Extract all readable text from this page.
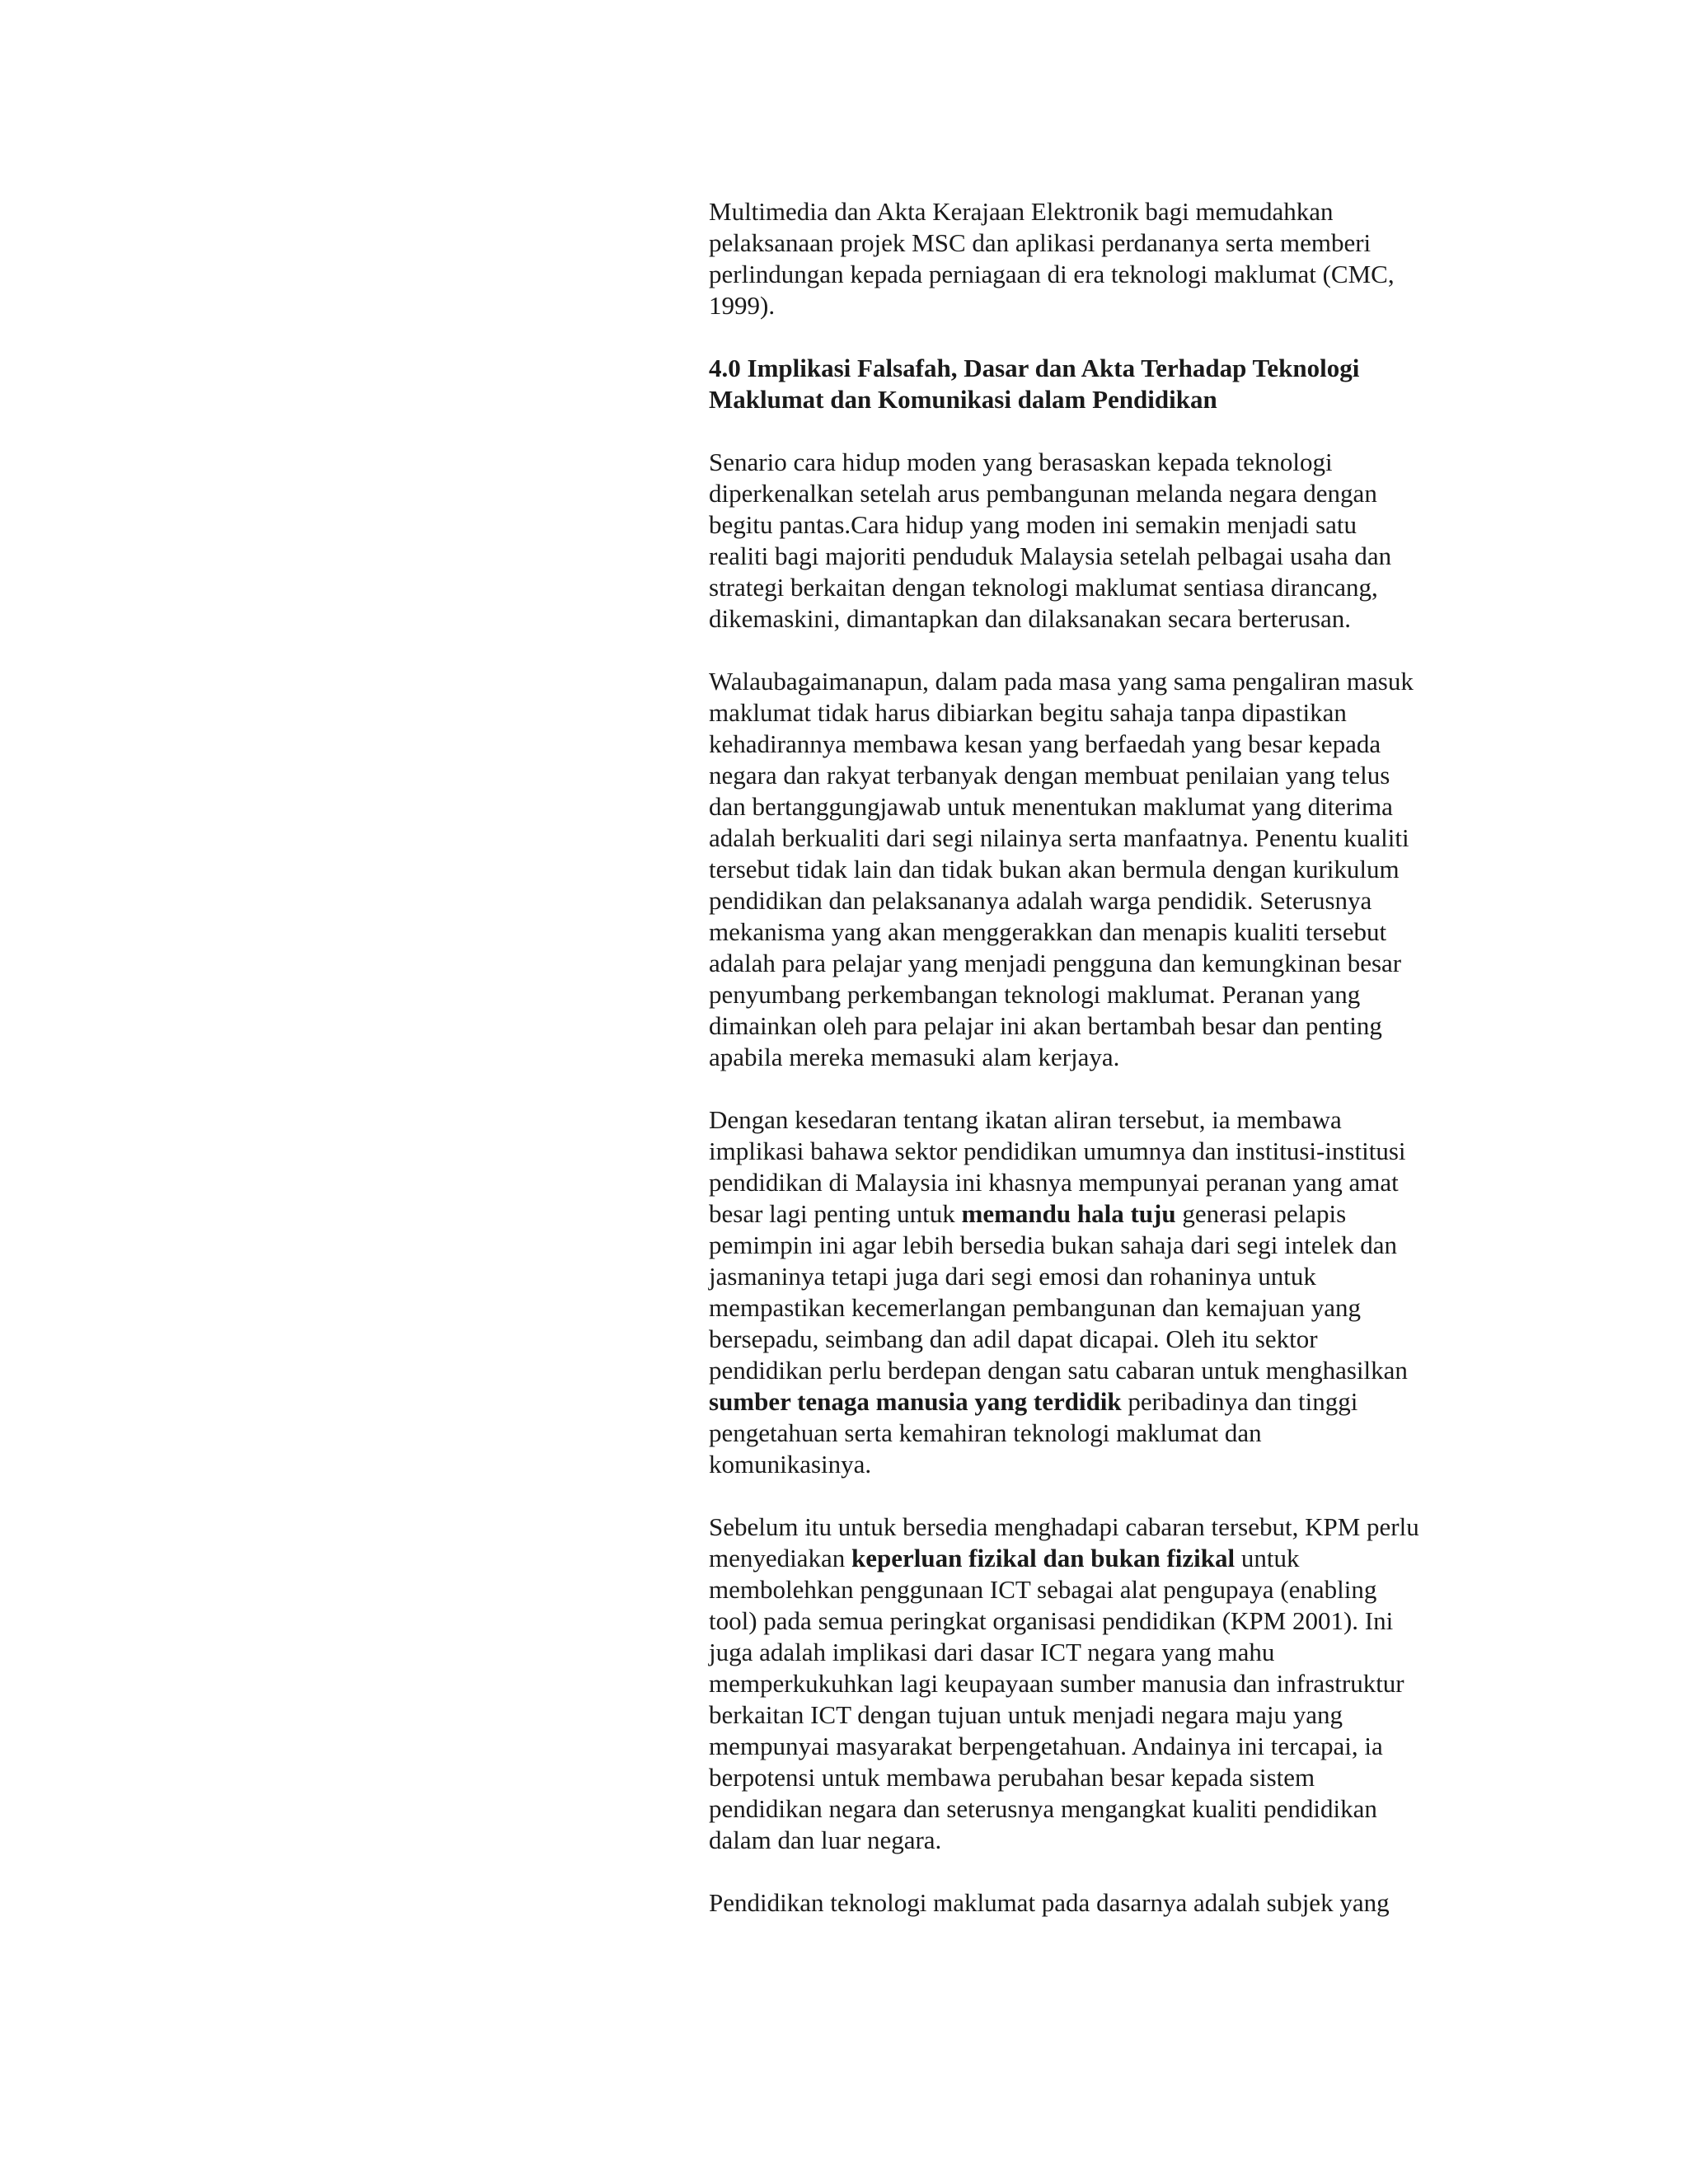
Multimedia dan Akta Kerajaan Elektronik bagi memudahkan
pelaksanaan projek MSC dan aplikasi perdananya serta memberi
perlindungan kepada perniagaan di era teknologi maklumat (CMC,
1999).

4.0 Implikasi Falsafah, Dasar dan Akta Terhadap Teknologi
Maklumat dan Komunikasi dalam Pendidikan

Senario cara hidup moden yang berasaskan kepada teknologi
diperkenalkan setelah arus pembangunan melanda negara dengan
begitu pantas.Cara hidup yang moden ini semakin menjadi satu
realiti bagi majoriti penduduk Malaysia setelah pelbagai usaha dan
strategi berkaitan dengan teknologi maklumat sentiasa dirancang,
dikemaskini, dimantapkan dan dilaksanakan secara berterusan.

Walaubagaimanapun, dalam pada masa yang sama pengaliran masuk
maklumat tidak harus dibiarkan begitu sahaja tanpa dipastikan
kehadirannya membawa kesan yang berfaedah yang besar kepada
negara dan rakyat terbanyak dengan membuat penilaian yang telus
dan bertanggungjawab untuk menentukan maklumat yang diterima
adalah berkualiti dari segi nilainya serta manfaatnya. Penentu kualiti
tersebut tidak lain dan tidak bukan akan bermula dengan kurikulum
pendidikan dan pelaksananya adalah warga pendidik. Seterusnya
mekanisma yang akan menggerakkan dan menapis kualiti tersebut
adalah para pelajar yang menjadi pengguna dan kemungkinan besar
penyumbang perkembangan teknologi maklumat. Peranan yang
dimainkan oleh para pelajar ini akan bertambah besar dan penting
apabila mereka memasuki alam kerjaya.

Dengan kesedaran tentang ikatan aliran tersebut, ia membawa
implikasi bahawa sektor pendidikan umumnya dan institusi-institusi
pendidikan di Malaysia ini khasnya mempunyai peranan yang amat
besar lagi penting untuk memandu hala tuju generasi pelapis
pemimpin ini agar lebih bersedia bukan sahaja dari segi intelek dan
jasmaninya tetapi juga dari segi emosi dan rohaninya untuk
mempastikan kecemerlangan pembangunan dan kemajuan yang
bersepadu, seimbang dan adil dapat dicapai. Oleh itu sektor
pendidikan perlu berdepan dengan satu cabaran untuk menghasilkan
sumber tenaga manusia yang terdidik peribadinya dan tinggi
pengetahuan serta kemahiran teknologi maklumat dan
komunikasinya.

Sebelum itu untuk bersedia menghadapi cabaran tersebut, KPM perlu
menyediakan keperluan fizikal dan bukan fizikal untuk
membolehkan penggunaan ICT sebagai alat pengupaya (enabling
tool) pada semua peringkat organisasi pendidikan (KPM 2001). Ini
juga adalah implikasi dari dasar ICT negara yang mahu
memperkukuhkan lagi keupayaan sumber manusia dan infrastruktur
berkaitan ICT dengan tujuan untuk menjadi negara maju yang
mempunyai masyarakat berpengetahuan. Andainya ini tercapai, ia
berpotensi untuk membawa perubahan besar kepada sistem
pendidikan negara dan seterusnya mengangkat kualiti pendidikan
dalam dan luar negara.

Pendidikan teknologi maklumat pada dasarnya adalah subjek yang
